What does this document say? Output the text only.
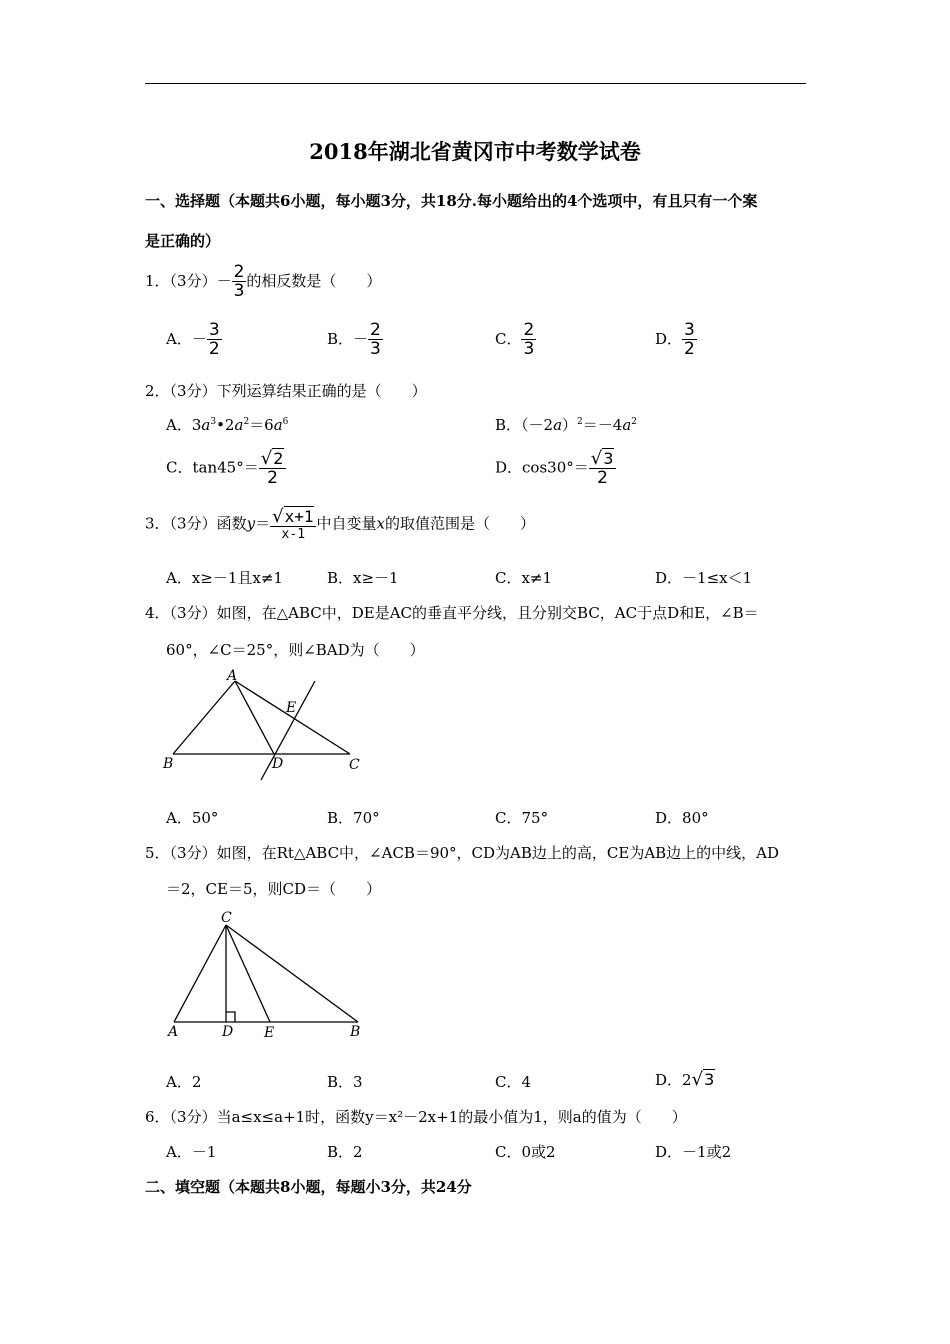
2018年湖北省黄冈市中考数学试卷
一、选择题（本题共6小题，每小题3分，共18分.每小题给出的4个选项中，有且只有一个案
是正确的）
1．（3分）－ $\frac{2}{3}$ 的相反数是（　　）
A．－ $\frac{3}{2}$	B．－ $\frac{2}{3}$	C． $\frac{2}{3}$	D． $\frac{3}{2}$
2．（3分）下列运算结果正确的是（　　）
A．$3a^3•2a^2=6a^6$	B．$(-2a)^2=-4a^2$
C．$\tan 45^\circ= \frac{√2}{2}$	D．$\cos 30^\circ= \frac{√3}{2}$
3．（3分）函数$y= \frac{√x+1}{x-1}$ 中自变量x的取值范围是（　　）
A．x≥－1且x≠1	B．x≥－1	C．x≠1	D．－1≤x＜1
4．（3分）如图，在△ABC中，DE是AC的垂直平分线，且分别交BC，AC于点D和E，∠B＝
60°，∠C＝25°，则∠BAD为（　　）
A
B	C
D
E
A．50°	B．70°	C．75°	D．80°
5．（3分）如图，在Rt△ABC中，∠ACB＝90°，CD为AB边上的高，CE为AB边上的中线，AD
＝2，CE＝5，则CD＝（　　）
C
A	D E	B
A．2	B．3	C．4	D．2√3
6．（3分）当a≤x≤a+1时，函数y＝x²－2x+1的最小值为1，则a的值为（　　）
A．－1	B．2	C．0或2	D．－1或2
二、填空题（本题共8小题，每题小3分，共24分
